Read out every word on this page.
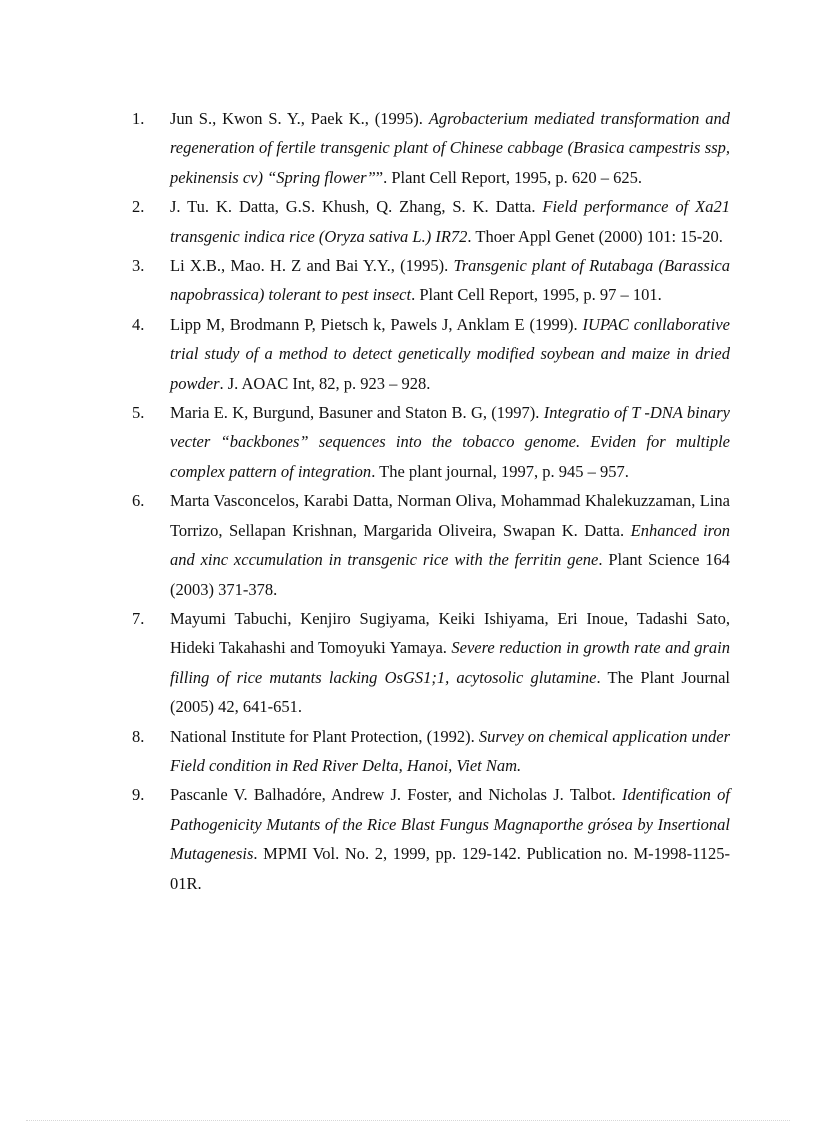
1. Jun S., Kwon S. Y., Paek K., (1995). Agrobacterium mediated transformation and regeneration of fertile transgenic plant of Chinese cabbage (Brasica campestris ssp, pekinensis cv) “Spring flower””. Plant Cell Report, 1995, p. 620 – 625.
2. J. Tu. K. Datta, G.S. Khush, Q. Zhang, S. K. Datta. Field performance of Xa21 transgenic indica rice (Oryza sativa L.) IR72. Thoer Appl Genet (2000) 101: 15-20.
3. Li X.B., Mao. H. Z and Bai Y.Y., (1995). Transgenic plant of Rutabaga (Barassica napobrassica) tolerant to pest insect. Plant Cell Report, 1995, p. 97 – 101.
4. Lipp M, Brodmann P, Pietsch k, Pawels J, Anklam E (1999). IUPAC conllaborative trial study of a method to detect genetically modified soybean and maize in dried powder. J. AOAC Int, 82, p. 923 – 928.
5. Maria E. K, Burgund, Basuner and Staton B. G, (1997). Integratio of T -DNA binary vecter “backbones” sequences into the tobacco genome. Eviden for multiple complex pattern of integration. The plant journal, 1997, p. 945 – 957.
6. Marta Vasconcelos, Karabi Datta, Norman Oliva, Mohammad Khalekuzzaman, Lina Torrizo, Sellapan Krishnan, Margarida Oliveira, Swapan K. Datta. Enhanced iron and xinc xccumulation in transgenic rice with the ferritin gene. Plant Science 164 (2003) 371-378.
7. Mayumi Tabuchi, Kenjiro Sugiyama, Keiki Ishiyama, Eri Inoue, Tadashi Sato, Hideki Takahashi and Tomoyuki Yamaya. Severe reduction in growth rate and grain filling of rice mutants lacking OsGS1;1, acytosolic glutamine. The Plant Journal (2005) 42, 641-651.
8. National Institute for Plant Protection, (1992). Survey on chemical application under Field condition in Red River Delta, Hanoi, Viet Nam.
9. Pascanle V. Balhadόre, Andrew J. Foster, and Nicholas J. Talbot. Identification of Pathogenicity Mutants of the Rice Blast Fungus Magnaporthe grόsea by Insertional Mutagenesis. MPMI Vol. No. 2, 1999, pp. 129-142. Publication no. M-1998-1125-01R.
